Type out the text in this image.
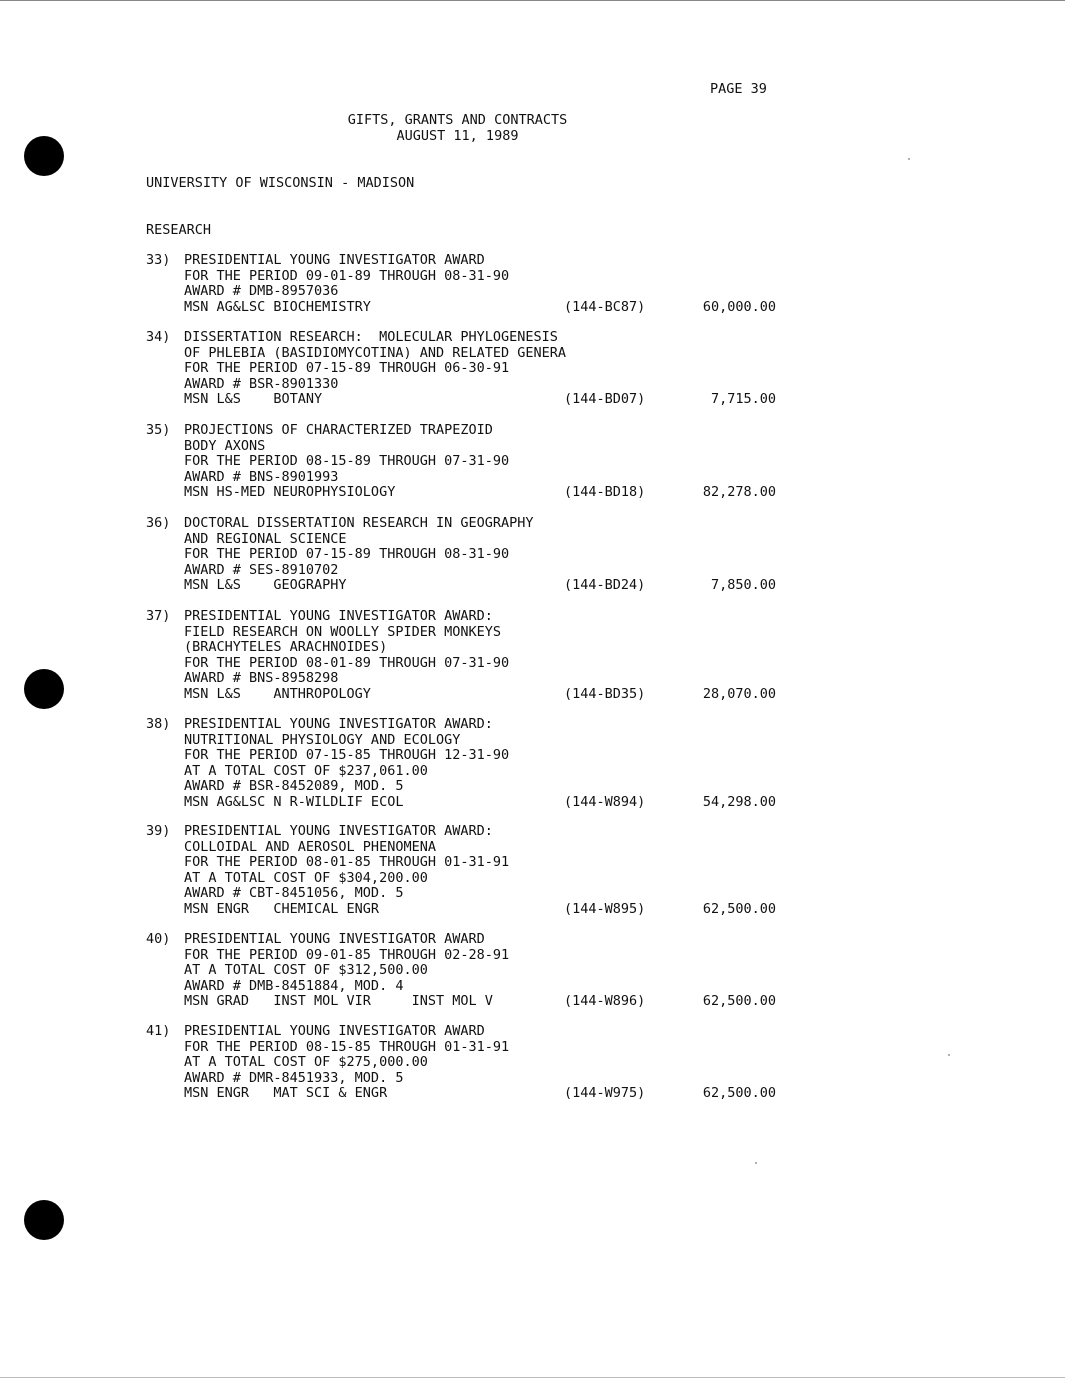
PAGE 39
GIFTS, GRANTS AND CONTRACTS
AUGUST 11, 1989
UNIVERSITY OF WISCONSIN - MADISON
RESEARCH
33) PRESIDENTIAL YOUNG INVESTIGATOR AWARD
FOR THE PERIOD 09-01-89 THROUGH 08-31-90
AWARD # DMB-8957036
MSN AG&LSC BIOCHEMISTRY	(144-BC87)	60,000.00
34) DISSERTATION RESEARCH:  MOLECULAR PHYLOGENESIS
OF PHLEBIA (BASIDIOMYCOTINA) AND RELATED GENERA
FOR THE PERIOD 07-15-89 THROUGH 06-30-91
AWARD # BSR-8901330
MSN L&S    BOTANY	(144-BD07)	7,715.00
35) PROJECTIONS OF CHARACTERIZED TRAPEZOID
BODY AXONS
FOR THE PERIOD 08-15-89 THROUGH 07-31-90
AWARD # BNS-8901993
MSN HS-MED NEUROPHYSIOLOGY	(144-BD18)	82,278.00
36) DOCTORAL DISSERTATION RESEARCH IN GEOGRAPHY
AND REGIONAL SCIENCE
FOR THE PERIOD 07-15-89 THROUGH 08-31-90
AWARD # SES-8910702
MSN L&S    GEOGRAPHY	(144-BD24)	7,850.00
37) PRESIDENTIAL YOUNG INVESTIGATOR AWARD:
FIELD RESEARCH ON WOOLLY SPIDER MONKEYS
(BRACHYTELES ARACHNOIDES)
FOR THE PERIOD 08-01-89 THROUGH 07-31-90
AWARD # BNS-8958298
MSN L&S    ANTHROPOLOGY	(144-BD35)	28,070.00
38) PRESIDENTIAL YOUNG INVESTIGATOR AWARD:
NUTRITIONAL PHYSIOLOGY AND ECOLOGY
FOR THE PERIOD 07-15-85 THROUGH 12-31-90
AT A TOTAL COST OF $237,061.00
AWARD # BSR-8452089, MOD. 5
MSN AG&LSC N R-WILDLIF ECOL	(144-W894)	54,298.00
39) PRESIDENTIAL YOUNG INVESTIGATOR AWARD:
COLLOIDAL AND AEROSOL PHENOMENA
FOR THE PERIOD 08-01-85 THROUGH 01-31-91
AT A TOTAL COST OF $304,200.00
AWARD # CBT-8451056, MOD. 5
MSN ENGR   CHEMICAL ENGR	(144-W895)	62,500.00
40) PRESIDENTIAL YOUNG INVESTIGATOR AWARD
FOR THE PERIOD 09-01-85 THROUGH 02-28-91
AT A TOTAL COST OF $312,500.00
AWARD # DMB-8451884, MOD. 4
MSN GRAD   INST MOL VIR     INST MOL V	(144-W896)	62,500.00
41) PRESIDENTIAL YOUNG INVESTIGATOR AWARD
FOR THE PERIOD 08-15-85 THROUGH 01-31-91
AT A TOTAL COST OF $275,000.00
AWARD # DMR-8451933, MOD. 5
MSN ENGR   MAT SCI & ENGR	(144-W975)	62,500.00
